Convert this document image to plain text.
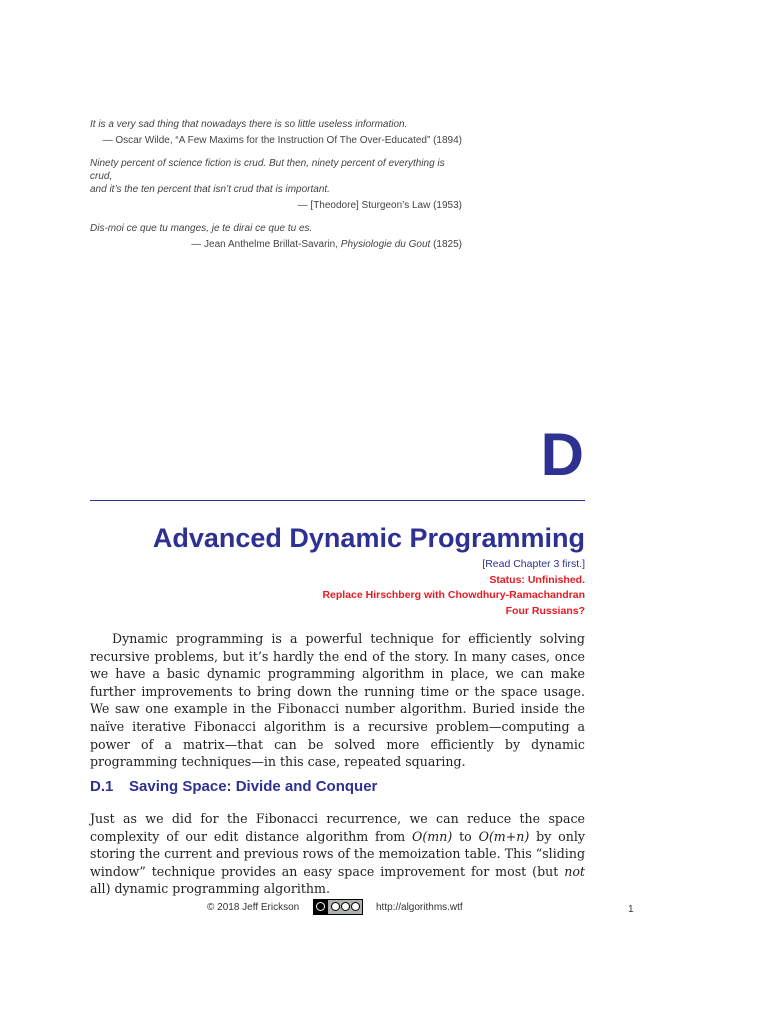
It is a very sad thing that nowadays there is so little useless information.
— Oscar Wilde, “A Few Maxims for the Instruction Of The Over-Educated” (1894)
Ninety percent of science fiction is crud. But then, ninety percent of everything is crud,
and it’s the ten percent that isn’t crud that is important.
— [Theodore] Sturgeon’s Law (1953)
Dis-moi ce que tu manges, je te dirai ce que tu es.
— Jean Anthelme Brillat-Savarin, Physiologie du Gout (1825)
D
Advanced Dynamic Programming
[Read Chapter 3 first.]
Status: Unfinished.
Replace Hirschberg with Chowdhury-Ramachandran
Four Russians?

Dynamic programming is a powerful technique for efficiently solving recursive problems, but it’s hardly the end of the story. In many cases, once we have a basic dynamic programming algorithm in place, we can make further improvements to bring down the running time or the space usage. We saw one example in the Fibonacci number algorithm. Buried inside the naïve iterative Fibonacci algorithm is a recursive problem—computing a power of a matrix—that can be solved more efficiently by dynamic programming techniques—in this case, repeated squaring.

D.1 Saving Space: Divide and Conquer

Just as we did for the Fibonacci recurrence, we can reduce the space complexity of our edit distance algorithm from O(mn) to O(m+n) by only storing the current and previous rows of the memoization table. This “sliding window” technique provides an easy space improvement for most (but not all) dynamic programming algorithm.

© 2018 Jeff Erickson	http://algorithms.wtf	1
